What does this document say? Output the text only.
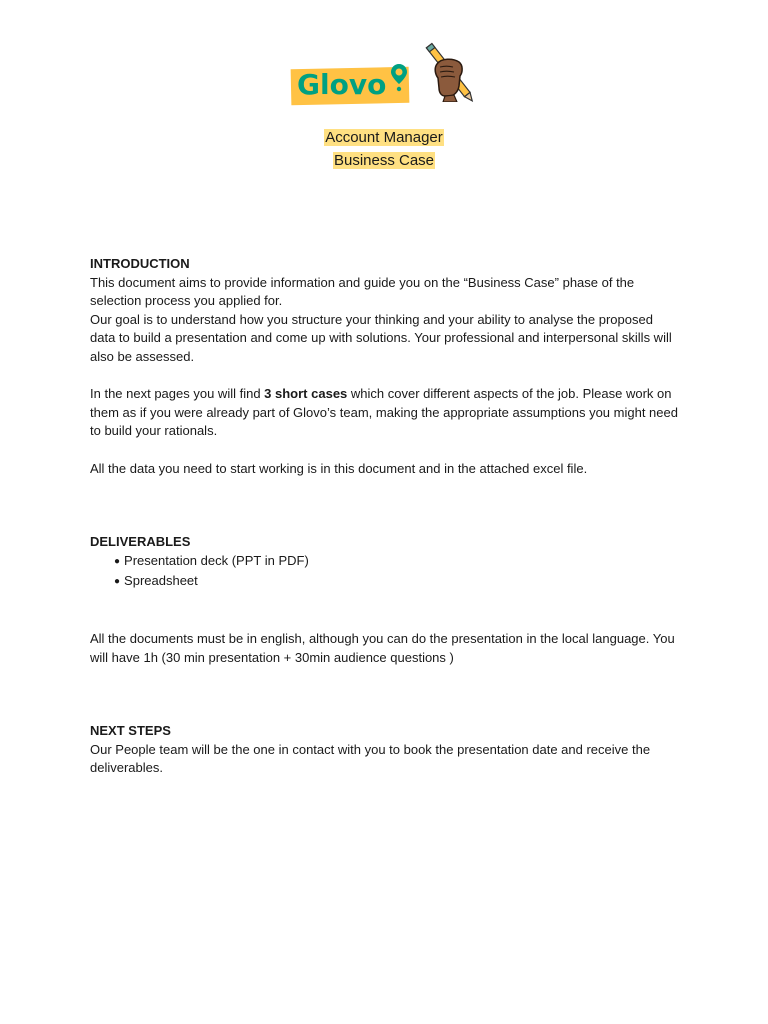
Glovo
Account Manager
Business Case

INTRODUCTION

This document aims to provide information and guide you on the “Business Case” phase of the selection process you applied for.

Our goal is to understand how you structure your thinking and your ability to analyse the proposed data to build a presentation and come up with solutions. Your professional and interpersonal skills will also be assessed.

In the next pages you will find 3 short cases which cover different aspects of the job. Please work on them as if you were already part of Glovo’s team, making the appropriate assumptions you might need to build your rationals.

All the data you need to start working is in this document and in the attached excel file.

DELIVERABLES

● Presentation deck (PPT in PDF)
● Spreadsheet

All the documents must be in english, although you can do the presentation in the local language. You will have 1h (30 min presentation + 30min audience questions )

NEXT STEPS

Our People team will be the one in contact with you to book the presentation date and receive the deliverables.
